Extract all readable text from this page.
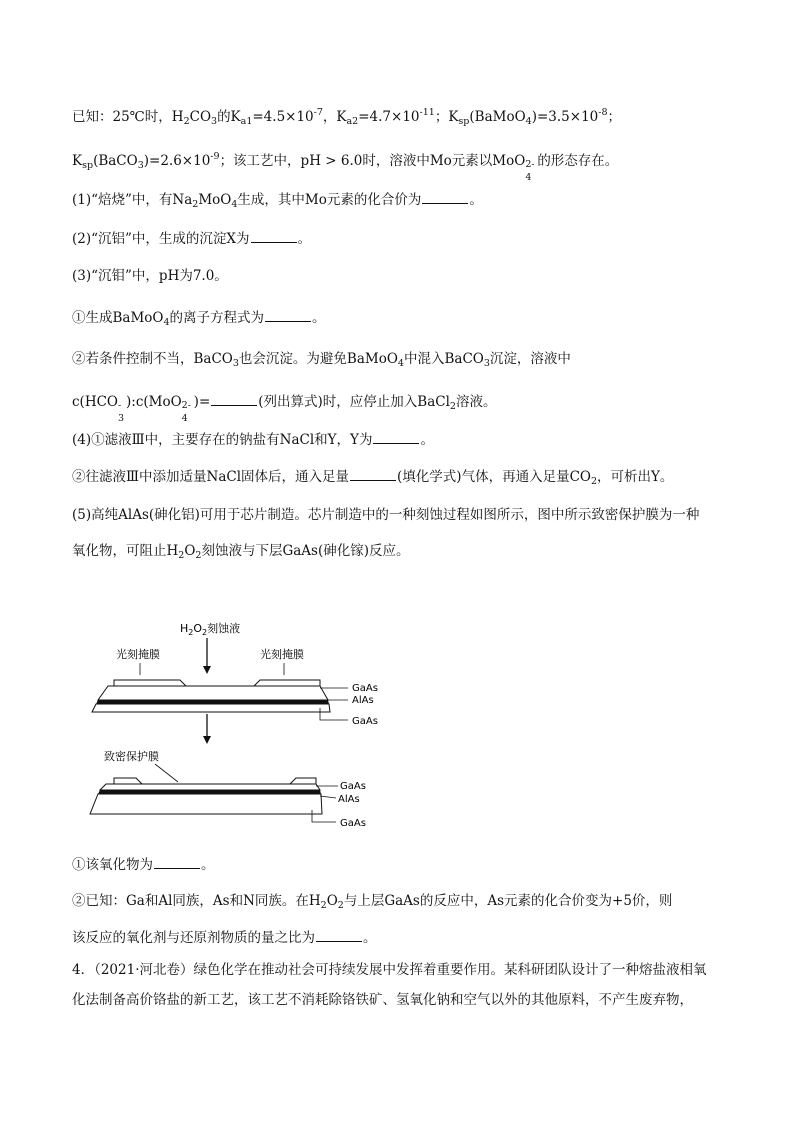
已知：25℃时，$H_2CO_3$的$K_{a1}=4.5\times 10^{-7}$，$K_{a2}=4.7\times 10^{-11}$；$K_{sp}(BaMoO_4)=3.5\times 10^{-8}$；
$K_{sp}(BaCO_3)=2.6\times 10^{-9}$；该工艺中，pH > 6.0时，溶液中Mo元素以MoO 2-
4
的形态存在。
(1)“焙烧”中，有$Na_2MoO_4$生成，其中Mo元素的化合价为	。
(2)“沉铝”中，生成的沉淀X为	。
(3)“沉钼”中，pH为7.0。
①生成BaMoO$_4$的离子方程式为	。
②若条件控制不当，BaCO$_3$也会沉淀。为避免BaMoO$_4$中混入BaCO$_3$沉淀，溶液中
c(HCO -
3
):c(MoO 2-
4
)=	(列出算式)时，应停止加入BaCl$_2$溶液。
(4)①滤液Ⅲ中，主要存在的钠盐有NaCl和Y，Y为	。
②往滤液Ⅲ中添加适量NaCl固体后，通入足量	(填化学式)气体，再通入足量$CO_2$，可析出Y。
(5)高纯AlAs(砷化铝)可用于芯片制造。芯片制造中的一种刻蚀过程如图所示，图中所示致密保护膜为一种
氧化物，可阻止$H_2O_2$刻蚀液与下层GaAs(砷化镓)反应。
$H_2O_2$刻蚀液
光刻掩膜	光刻掩膜
GaAs
AlAs
GaAs
致密保护膜
GaAs
AlAs
GaAs
①该氧化物为	。
②已知：Ga和Al同族，As和N同族。在$H_2O_2$与上层GaAs的反应中，As元素的化合价变为+5价，则
该反应的氧化剂与还原剂物质的量之比为	。
4．（2021·河北卷）绿色化学在推动社会可持续发展中发挥着重要作用。某科研团队设计了一种熔盐液相氧
化法制备高价铬盐的新工艺，该工艺不消耗除铬铁矿、氢氧化钠和空气以外的其他原料，不产生废弃物，
